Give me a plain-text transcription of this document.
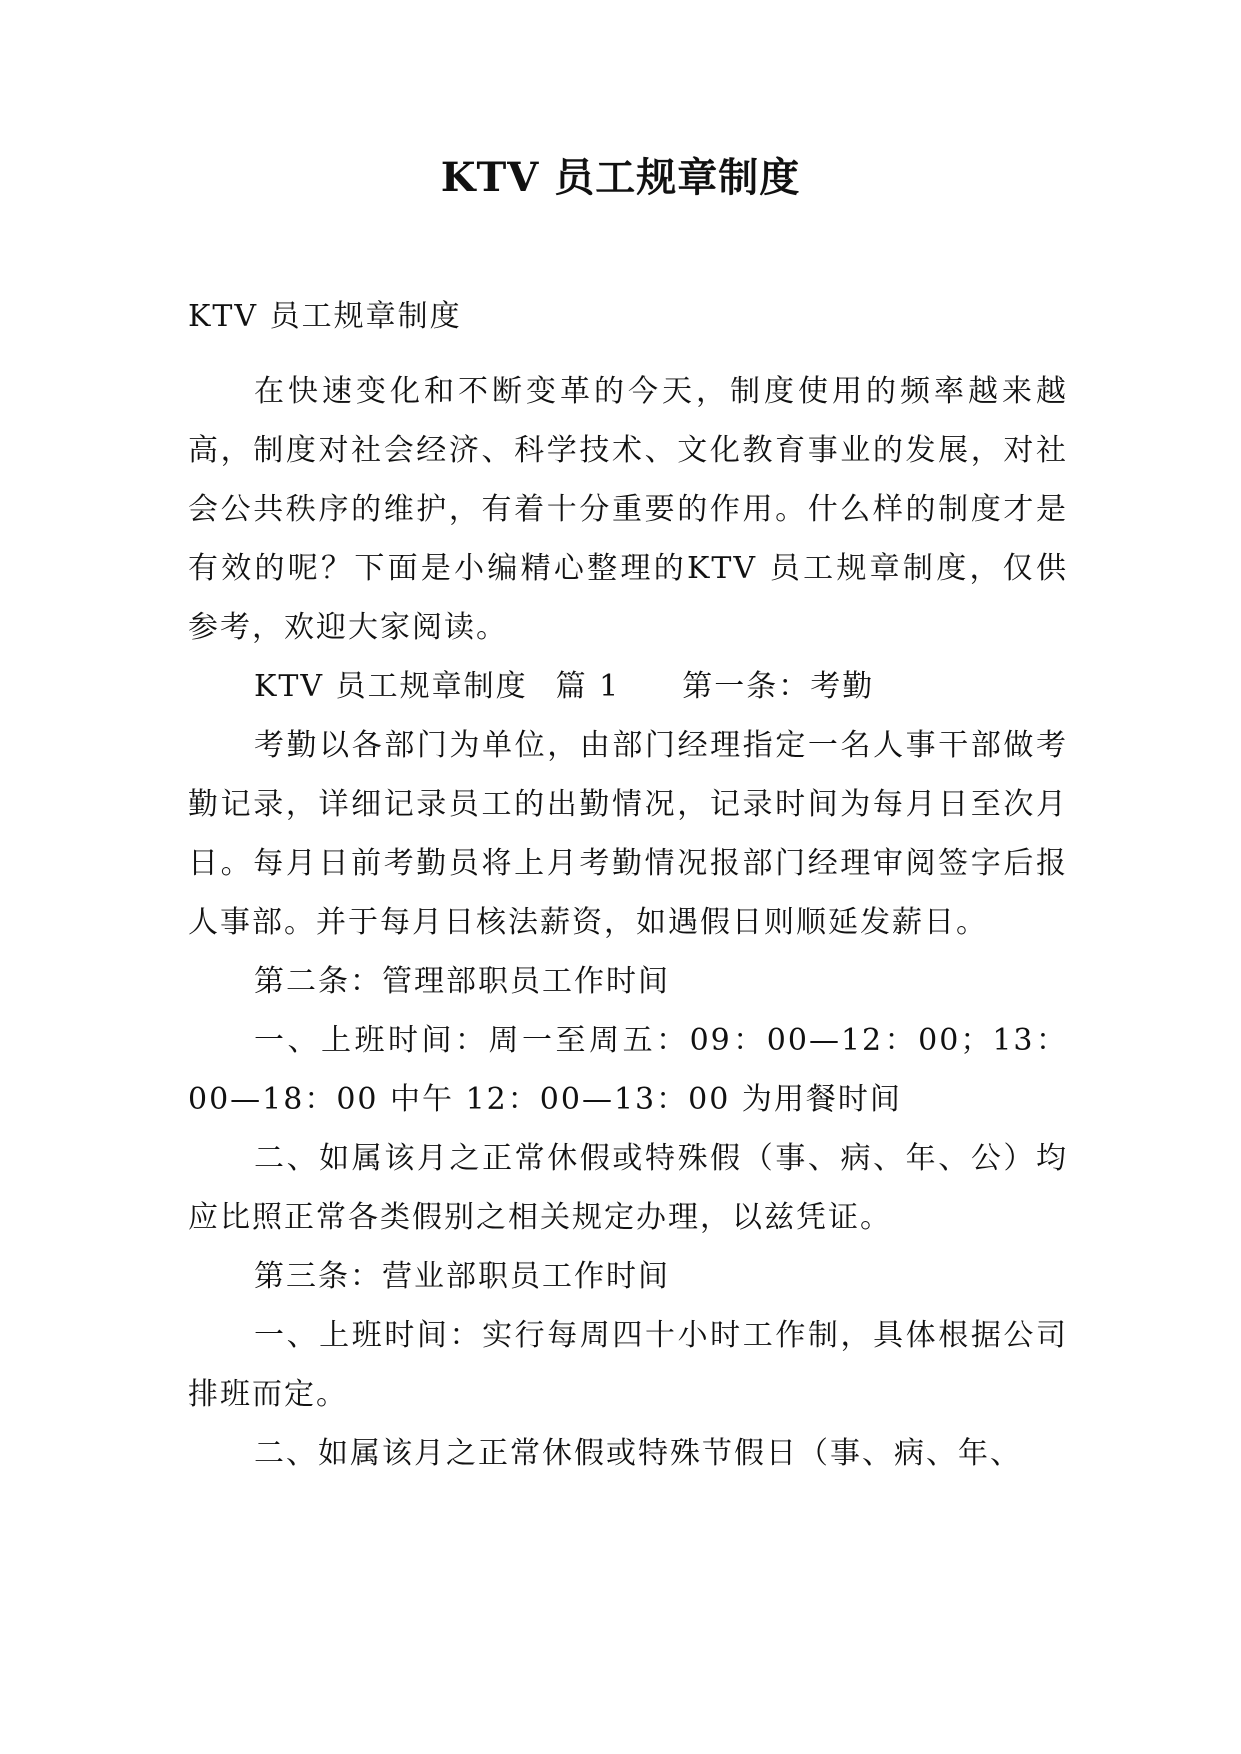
KTV 员工规章制度
KTV 员工规章制度

在快速变化和不断变革的今天，制度使用的频率越来越高，制度对社会经济、科学技术、文化教育事业的发展，对社会公共秩序的维护，有着十分重要的作用。什么样的制度才是有效的呢？下面是小编精心整理的KTV 员工规章制度，仅供参考，欢迎大家阅读。

KTV 员工规章制度 篇 1 第一条：考勤

考勤以各部门为单位，由部门经理指定一名人事干部做考勤记录，详细记录员工的出勤情况，记录时间为每月日至次月日。每月日前考勤员将上月考勤情况报部门经理审阅签字后报人事部。并于每月日核法薪资，如遇假日则顺延发薪日。

第二条：管理部职员工作时间

一、上班时间：周一至周五：09：00—12：00；13：00—18：00 中午 12：00—13：00 为用餐时间

二、如属该月之正常休假或特殊假（事、病、年、公）均应比照正常各类假别之相关规定办理，以兹凭证。

第三条：营业部职员工作时间

一、上班时间：实行每周四十小时工作制，具体根据公司排班而定。

二、如属该月之正常休假或特殊节假日（事、病、年、
